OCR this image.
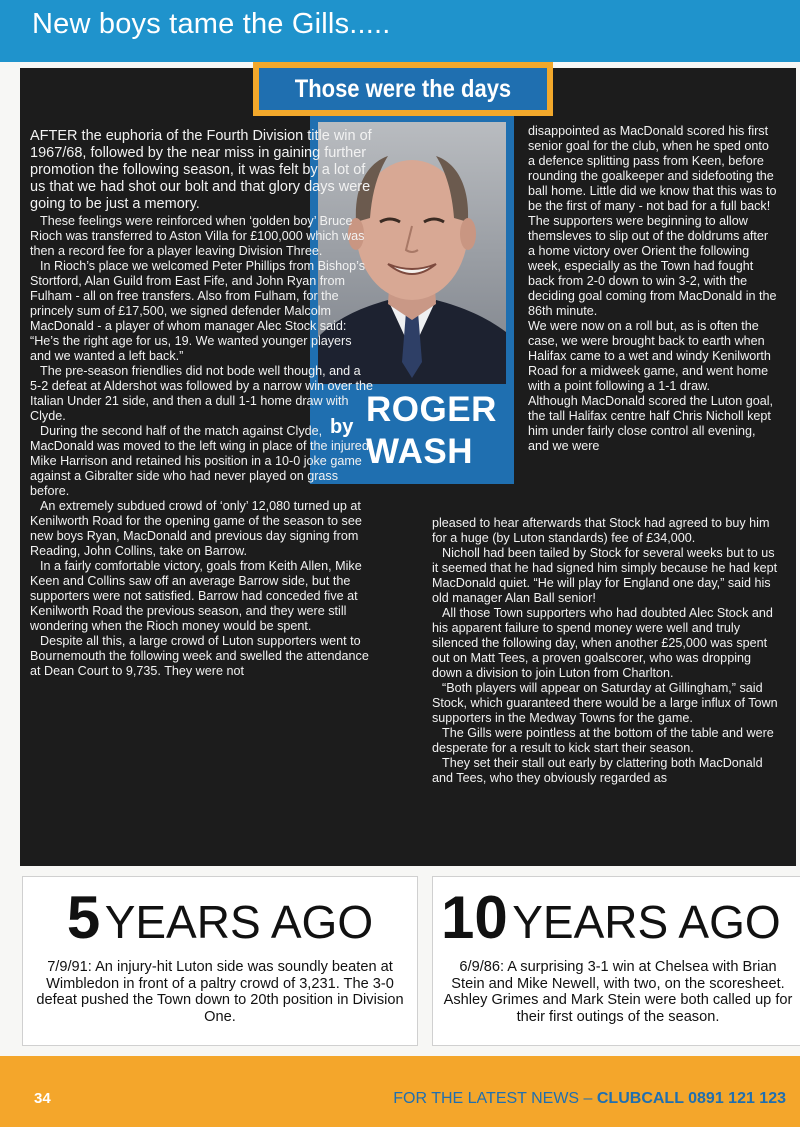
New boys tame the Gills.....
Those were the days
by ROGER
WASH

AFTER the euphoria of the Fourth Division title win of 1967/68, followed by the near miss in gaining further promotion the following season, it was felt by a lot of us that we had shot our bolt and that glory days were going to be just a memory.

These feelings were reinforced when ‘golden boy’ Bruce Rioch was transferred to Aston Villa for £100,000 which was then a record fee for a player leaving Division Three.

In Rioch’s place we welcomed Peter Phillips from Bishop’s Stortford, Alan Guild from East Fife, and John Ryan from Fulham - all on free transfers. Also from Fulham, for the princely sum of £17,500, we signed defender Malcolm MacDonald - a player of whom manager Alec Stock said: “He’s the right age for us, 19. We wanted younger players and we wanted a left back.”

The pre-season friendlies did not bode well though, and a 5-2 defeat at Aldershot was followed by a narrow win over the Italian Under 21 side, and then a dull 1-1 home draw with Clyde.

During the second half of the match against Clyde, MacDonald was moved to the left wing in place of the injured Mike Harrison and retained his position in a 10-0 joke game against a Gibralter side who had never played on grass before.

An extremely subdued crowd of ‘only’ 12,080 turned up at Kenilworth Road for the opening game of the season to see new boys Ryan, MacDonald and previous day signing from Reading, John Collins, take on Barrow.

In a fairly comfortable victory, goals from Keith Allen, Mike Keen and Collins saw off an average Barrow side, but the supporters were not satisfied. Barrow had conceded five at Kenilworth Road the previous season, and they were still wondering when the Rioch money would be spent.

Despite all this, a large crowd of Luton supporters went to Bournemouth the following week and swelled the attendance at Dean Court to 9,735. They were not

disappointed as MacDonald scored his first senior goal for the club, when he sped onto a defence splitting pass from Keen, before rounding the goalkeeper and sidefooting the ball home. Little did we know that this was to be the first of many - not bad for a full back!

The supporters were beginning to allow themsleves to slip out of the doldrums after a home victory over Orient the following week, especially as the Town had fought back from 2-0 down to win 3-2, with the deciding goal coming from MacDonald in the 86th minute.

We were now on a roll but, as is often the case, we were brought back to earth when Halifax came to a wet and windy Kenilworth Road for a midweek game, and went home with a point following a 1-1 draw.

Although MacDonald scored the Luton goal, the tall Halifax centre half Chris Nicholl kept him under fairly close control all evening, and we were

pleased to hear afterwards that Stock had agreed to buy him for a huge (by Luton standards) fee of £34,000.

Nicholl had been tailed by Stock for several weeks but to us it seemed that he had signed him simply because he had kept MacDonald quiet. “He will play for England one day,” said his old manager Alan Ball senior!

All those Town supporters who had doubted Alec Stock and his apparent failure to spend money were well and truly silenced the following day, when another £25,000 was spent out on Matt Tees, a proven goalscorer, who was dropping down a division to join Luton from Charlton.

“Both players will appear on Saturday at Gillingham,” said Stock, which guaranteed there would be a large influx of Town supporters in the Medway Towns for the game.

The Gills were pointless at the bottom of the table and were desperate for a result to kick start their season.

They set their stall out early by clattering both MacDonald and Tees, who they obviously regarded as

5 YEARS AGO
7/9/91: An injury-hit Luton side was soundly beaten at Wimbledon in front of a paltry crowd of 3,231. The 3-0 defeat pushed the Town down to 20th position in Division One.
10 YEARS AGO
6/9/86: A surprising 3-1 win at Chelsea with Brian Stein and Mike Newell, with two, on the scoresheet. Ashley Grimes and Mark Stein were both called up for their first outings of the season.
34	FOR THE LATEST NEWS – CLUBCALL 0891 121 123
